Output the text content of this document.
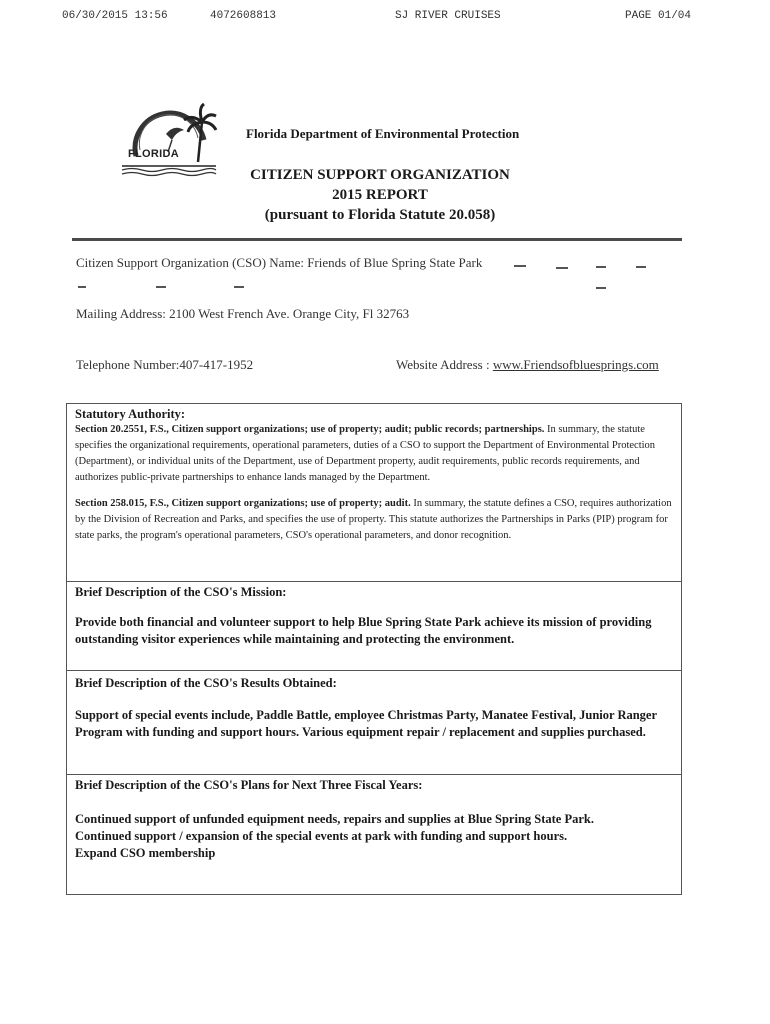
06/30/2015 13:56	4072608813	SJ RIVER CRUISES	PAGE 01/04
FLORIDA
Florida Department of Environmental Protection
CITIZEN SUPPORT ORGANIZATION
2015 REPORT
(pursuant to Florida Statute 20.058)
Citizen Support Organization (CSO) Name: Friends of Blue Spring State Park
Mailing Address: 2100 West French Ave. Orange City, Fl 32763
Telephone Number:407-417-1952	Website Address : www.Friendsofbluesprings.com
Statutory Authority:
Section 20.2551, F.S., Citizen support organizations; use of property; audit; public records; partnerships. In summary, the statute specifies the organizational requirements, operational parameters, duties of a CSO to support the Department of Environmental Protection (Department), or individual units of the Department, use of Department property, audit requirements, public records requirements, and authorizes public-private partnerships to enhance lands managed by the Department.
Section 258.015, F.S., Citizen support organizations; use of property; audit. In summary, the statute defines a CSO, requires authorization by the Division of Recreation and Parks, and specifies the use of property. This statute authorizes the Partnerships in Parks (PIP) program for state parks, the program's operational parameters, CSO's operational parameters, and donor recognition.
Brief Description of the CSO's Mission:
Provide both financial and volunteer support to help Blue Spring State Park achieve its mission of providing outstanding visitor experiences while maintaining and protecting the environment.
Brief Description of the CSO's Results Obtained:
Support of special events include, Paddle Battle, employee Christmas Party, Manatee Festival, Junior Ranger Program with funding and support hours. Various equipment repair / replacement and supplies purchased.
Brief Description of the CSO's Plans for Next Three Fiscal Years:
Continued support of unfunded equipment needs, repairs and supplies at Blue Spring State Park.
Continued support / expansion of the special events at park with funding and support hours.
Expand CSO membership
